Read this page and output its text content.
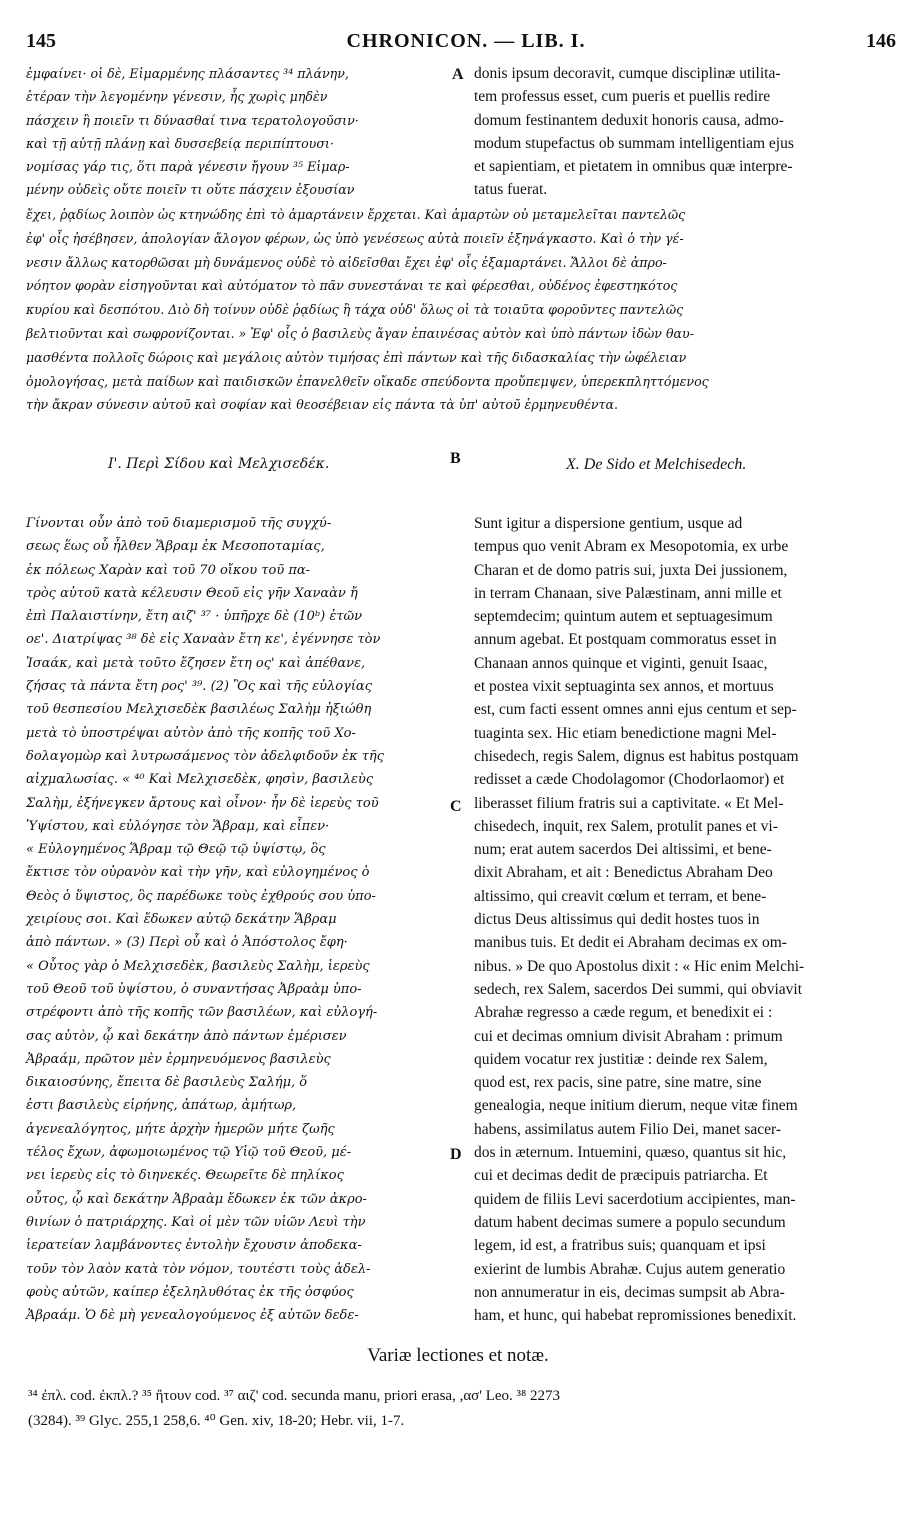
145	CHRONICON. — LIB. I.	146
ἐμφαίνει· οἱ δὲ, Εἱμαρμένης πλάσαντες ³⁴ πλάνην,
ἑτέραν τὴν λεγομένην γένεσιν, ἧς χωρὶς μηδὲν
πάσχειν ἢ ποιεῖν τι δύνασθαί τινα τερατολογοῦσιν·
καὶ τῇ αὐτῇ πλάνῃ καὶ δυσσεβείᾳ περιπίπτουσι·
νομίσας γάρ τις, ὅτι παρὰ γένεσιν ἤγουν ³⁵ Εἱμαρ-
μένην οὐδεὶς οὔτε ποιεῖν τι οὔτε πάσχειν ἐξουσίαν
A donis ipsum decoravit, cumque disciplinæ utilita-
tem professus esset, cum pueris et puellis redire
domum festinantem deduxit honoris causa, admo-
modum stupefactus ob summam intelligentiam ejus
et sapientiam, et pietatem in omnibus quæ interpre-
tatus fuerat.
ἔχει, ῥᾳδίως λοιπὸν ὡς κτηνώδης ἐπὶ τὸ ἁμαρτάνειν ἔρχεται. Καὶ ἁμαρτὼν οὐ μεταμελεῖται παντελῶς
ἐφ' οἷς ἠσέβησεν, ἀπολογίαν ἄλογον φέρων, ὡς ὑπὸ γενέσεως αὐτὰ ποιεῖν ἐξηνάγκαστο. Καὶ ὁ τὴν γέ-
νεσιν ἄλλως κατορθῶσαι μὴ δυνάμενος οὐδὲ τὸ αἰδεῖσθαι ἔχει ἐφ' οἷς ἐξαμαρτάνει. Ἄλλοι δὲ ἀπρο-
νόητον φορὰν εἰσηγοῦνται καὶ αὐτόματον τὸ πᾶν συνεστάναι τε καὶ φέρεσθαι, οὐδένος ἐφεστηκότος
κυρίου καὶ δεσπότου. Διὸ δὴ τοίνυν οὐδὲ ῥᾳδίως ἢ τάχα οὐδ' ὅλως οἱ τὰ τοιαῦτα φοροῦντες παντελῶς
βελτιοῦνται καὶ σωφρονίζονται. » Ἐφ' οἷς ὁ βασιλεὺς ἄγαν ἐπαινέσας αὐτὸν καὶ ὑπὸ πάντων ἰδὼν θαυ-
μασθέντα πολλοῖς δώροις καὶ μεγάλοις αὐτὸν τιμήσας ἐπὶ πάντων καὶ τῆς διδασκαλίας τὴν ὠφέλειαν
ὁμολογήσας, μετὰ παίδων καὶ παιδισκῶν ἐπανελθεῖν οἴκαδε σπεύδοντα προὔπεμψεν, ὑπερεκπληττόμενος
τὴν ἄκραν σύνεσιν αὐτοῦ καὶ σοφίαν καὶ θεοσέβειαν εἰς πάντα τὰ ὑπ' αὐτοῦ ἑρμηνευθέντα.
Ι'. Περὶ Σίδου καὶ Μελχισεδέκ.	B	X. De Sido et Melchisedech.
Γίνονται οὖν ἀπὸ τοῦ διαμερισμοῦ τῆς συγχύ-
σεως ἕως οὗ ἦλθεν Ἅβραμ ἐκ Μεσοποταμίας,
ἐκ πόλεως Χαρὰν καὶ τοῦ 70 οἴκου τοῦ πα-
τρὸς αὐτοῦ κατὰ κέλευσιν Θεοῦ εἰς γῆν Χαναὰν ἤ
ἐπὶ Παλαιστίνην, ἔτη αιζ' ³⁷ · ὑπῆρχε δὲ (10ᵇ) ἐτῶν
οε'. Διατρίψας ³⁸ δὲ εἰς Χαναὰν ἔτη κε', ἐγέννησε τὸν
Ἰσαάκ, καὶ μετὰ τοῦτο ἔζησεν ἔτη ος' καὶ ἀπέθανε,
ζήσας τὰ πάντα ἔτη ρος' ³⁹. (2) Ὃς καὶ τῆς εὐλογίας
τοῦ θεσπεσίου Μελχισεδὲκ βασιλέως Σαλὴμ ἠξιώθη
μετὰ τὸ ὑποστρέψαι αὐτὸν ἀπὸ τῆς κοπῆς τοῦ Χο-
δολαγομὼρ καὶ λυτρωσάμενος τὸν ἀδελφιδοῦν ἐκ τῆς
αἰχμαλωσίας. « ⁴⁰ Καὶ Μελχισεδὲκ, φησὶν, βασιλεὺς
Σαλὴμ, ἐξήνεγκεν ἄρτους καὶ οἶνον· ἦν δὲ ἱερεὺς τοῦ
Ὑψίστου, καὶ εὐλόγησε τὸν Ἅβραμ, καὶ εἶπεν·
« Εὐλογημένος Ἅβραμ τῷ Θεῷ τῷ ὑψίστῳ, ὃς
ἔκτισε τὸν οὐρανὸν καὶ τὴν γῆν, καὶ εὐλογημένος ὁ
Θεὸς ὁ ὕψιστος, ὃς παρέδωκε τοὺς ἐχθρούς σου ὑπο-
χειρίους σοι. Καὶ ἔδωκεν αὐτῷ δεκάτην Ἅβραμ
ἀπὸ πάντων. » (3) Περὶ οὗ καὶ ὁ Ἀπόστολος ἔφη·
« Οὗτος γὰρ ὁ Μελχισεδὲκ, βασιλεὺς Σαλὴμ, ἱερεὺς
τοῦ Θεοῦ τοῦ ὑψίστου, ὁ συναντήσας Ἀβραὰμ ὑπο-
στρέφοντι ἀπὸ τῆς κοπῆς τῶν βασιλέων, καὶ εὐλογή-
σας αὐτὸν, ᾧ καὶ δεκάτην ἀπὸ πάντων ἐμέρισεν
Ἀβραάμ, πρῶτον μὲν ἑρμηνευόμενος βασιλεὺς
δικαιοσύνης, ἔπειτα δὲ βασιλεὺς Σαλήμ, ὅ
ἐστι βασιλεὺς εἰρήνης, ἀπάτωρ, ἀμήτωρ,
ἀγενεαλόγητος, μήτε ἀρχὴν ἡμερῶν μήτε ζωῆς
τέλος ἔχων, ἀφωμοιωμένος τῷ Υἱῷ τοῦ Θεοῦ, μέ-
νει ἱερεὺς εἰς τὸ διηνεκές. Θεωρεῖτε δὲ πηλίκος
οὗτος, ᾧ καὶ δεκάτην Ἀβραὰμ ἔδωκεν ἐκ τῶν ἀκρο-
θινίων ὁ πατριάρχης. Καὶ οἱ μὲν τῶν υἱῶν Λευὶ τὴν
ἱερατείαν λαμβάνοντες ἐντολὴν ἔχουσιν ἀποδεκα-
τοῦν τὸν λαὸν κατὰ τὸν νόμον, τουτέστι τοὺς ἀδελ-
φοὺς αὐτῶν, καίπερ ἐξεληλυθότας ἐκ τῆς ὀσφύος
Ἀβραάμ. Ὁ δὲ μὴ γενεαλογούμενος ἐξ αὐτῶν δεδε-
C
D
Sunt igitur a dispersione gentium, usque ad
tempus quo venit Abram ex Mesopotomia, ex urbe
Charan et de domo patris sui, juxta Dei jussionem,
in terram Chanaan, sive Palæstinam, anni mille et
septemdecim; quintum autem et septuagesimum
annum agebat. Et postquam commoratus esset in
Chanaan annos quinque et viginti, genuit Isaac,
et postea vixit septuaginta sex annos, et mortuus
est, cum facti essent omnes anni ejus centum et sep-
tuaginta sex. Hic etiam benedictione magni Mel-
chisedech, regis Salem, dignus est habitus postquam
redisset a cæde Chodolagomor (Chodorlaomor) et
liberasset filium fratris sui a captivitate. « Et Mel-
chisedech, inquit, rex Salem, protulit panes et vi-
num; erat autem sacerdos Dei altissimi, et bene-
dixit Abraham, et ait : Benedictus Abraham Deo
altissimo, qui creavit cœlum et terram, et bene-
dictus Deus altissimus qui dedit hostes tuos in
manibus tuis. Et dedit ei Abraham decimas ex om-
nibus. » De quo Apostolus dixit : « Hic enim Melchi-
sedech, rex Salem, sacerdos Dei summi, qui obviavit
Abrahæ regresso a cæde regum, et benedixit ei :
cui et decimas omnium divisit Abraham : primum
quidem vocatur rex justitiæ : deinde rex Salem,
quod est, rex pacis, sine patre, sine matre, sine
genealogia, neque initium dierum, neque vitæ finem
habens, assimilatus autem Filio Dei, manet sacer-
dos in æternum. Intuemini, quæso, quantus sit hic,
cui et decimas dedit de præcipuis patriarcha. Et
quidem de filiis Levi sacerdotium accipientes, man-
datum habent decimas sumere a populo secundum
legem, id est, a fratribus suis; quanquam et ipsi
exierint de lumbis Abrahæ. Cujus autem generatio
non annumeratur in eis, decimas sumpsit ab Abra-
ham, et hunc, qui habebat repromissiones benedixit.
Variæ lectiones et notæ.
³⁴ ἐπλ. cod. ἐκπλ.? ³⁵ ἤτουν cod. ³⁷ αιζ' cod. secunda manu, priori erasa, ,ασ' Leo. ³⁸ 2273
(3284). ³⁹ Glyc. 255,1 258,6. ⁴⁰ Gen. xiv, 18-20; Hebr. vii, 1-7.
